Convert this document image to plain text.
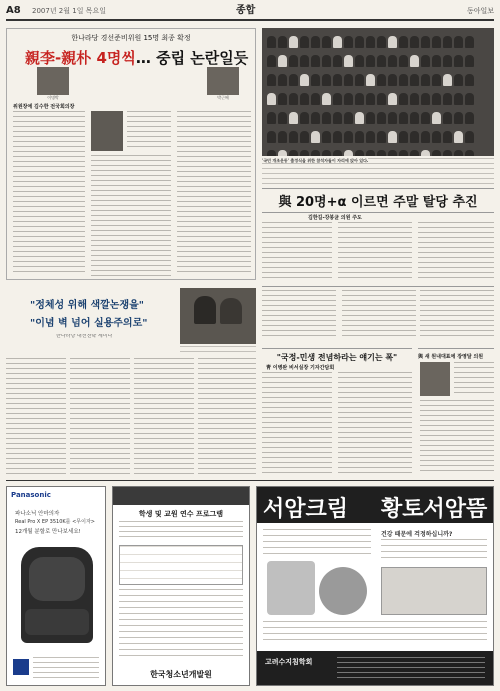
A8 2007년 2월 1일 목요일	종합	동아일보
한나라당 경선준비위원 15명 최종 확정
親李-親朴 4명씩… 중립 논란일듯
이명박	박근혜
위원장에 김수한 전국회의장

'국민 개조운동' 출정식을 위한 참석자들이 자리에 앉아 있다.
與 20명+α 이르면 주말 탈당 추진
김한길-강봉균 의원 주도
"정체성 위해 색깔논쟁을"
"이념 벽 넘어 실용주의로"
한나라당 대선전략 세미나
"국정-민생 전념하라는 얘기는 폭"
靑 이병완 비서실장 기자간담회
與 새 원내대표에 장영달 의원
Panasonic
파나소닉 안마의자
Real Pro X EP 3510K를 <무이자>
12개월 분할로 만나보세요!
학생 및 교원 연수 프로그램
한국청소년개발원
서암크림 황토서암뜸
건강 때문에 걱정하십니까?
고려수지침학회
